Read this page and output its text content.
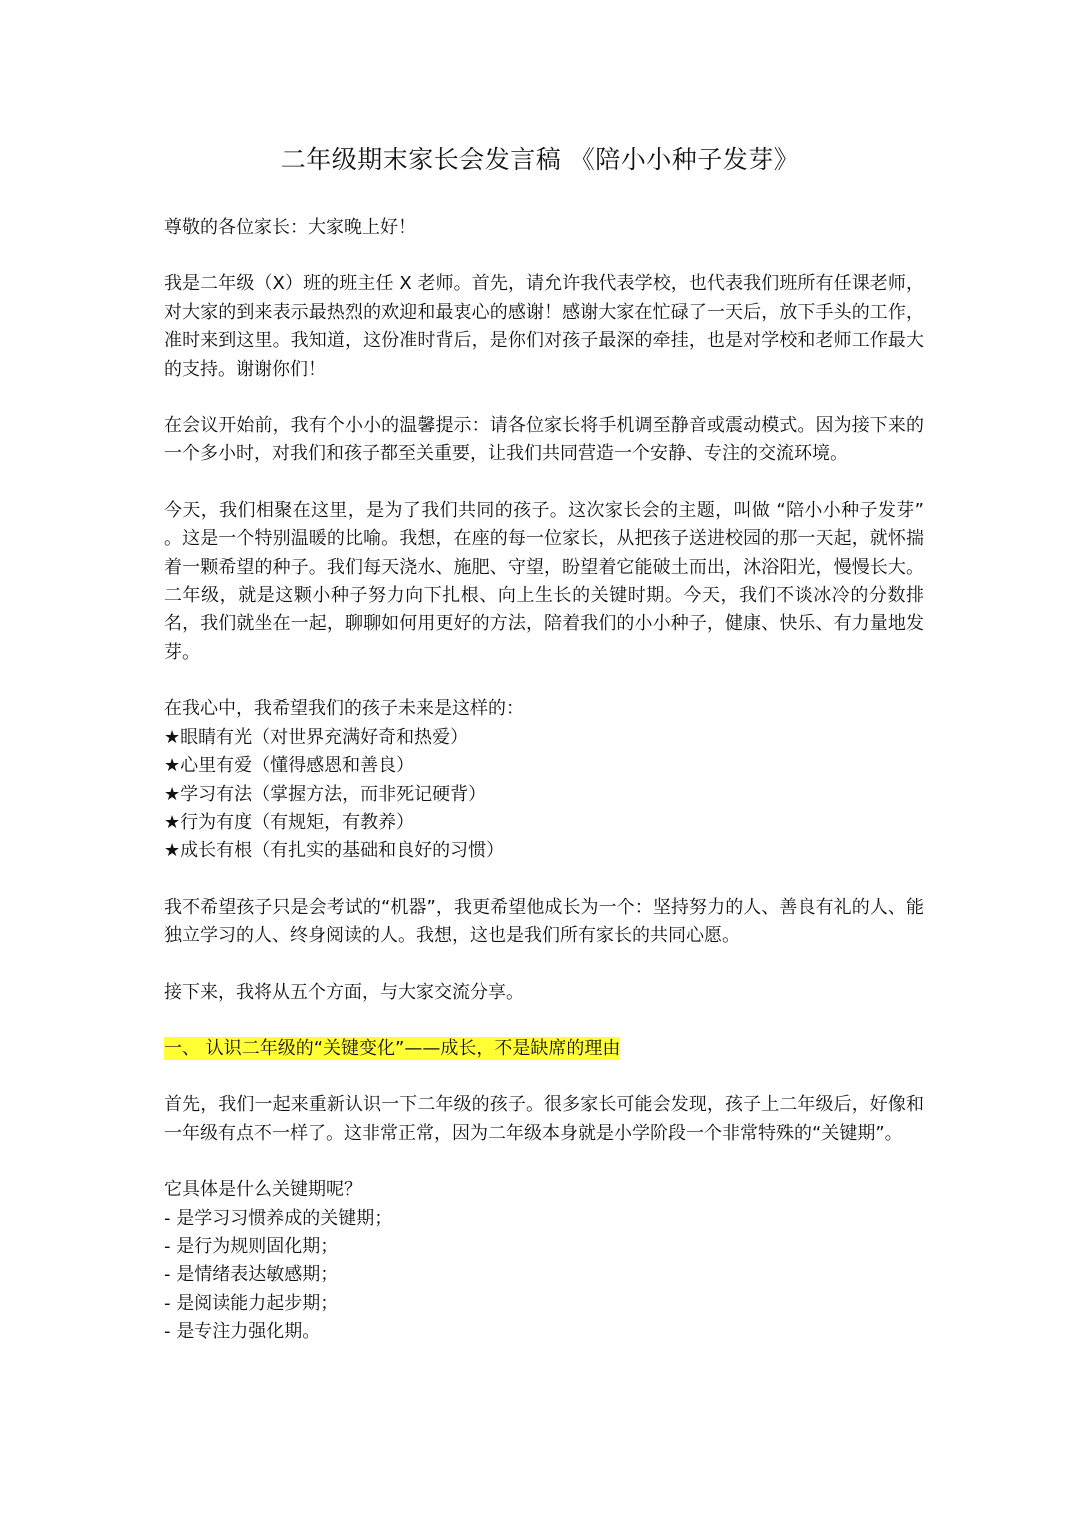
二年级期末家长会发言稿 《陪小小种子发芽》

尊敬的各位家长：大家晚上好！

我是二年级（X）班的班主任 X 老师。首先，请允许我代表学校，也代表我们班所有任课老师，对大家的到来表示最热烈的欢迎和最衷心的感谢！感谢大家在忙碌了一天后，放下手头的工作，准时来到这里。我知道，这份准时背后，是你们对孩子最深的牵挂，也是对学校和老师工作最大的支持。谢谢你们！

在会议开始前，我有个小小的温馨提示：请各位家长将手机调至静音或震动模式。因为接下来的一个多小时，对我们和孩子都至关重要，让我们共同营造一个安静、专注的交流环境。

今天，我们相聚在这里，是为了我们共同的孩子。这次家长会的主题，叫做 “陪小小种子发芽” 。这是一个特别温暖的比喻。我想，在座的每一位家长，从把孩子送进校园的那一天起，就怀揣着一颗希望的种子。我们每天浇水、施肥、守望，盼望着它能破土而出，沐浴阳光，慢慢长大。二年级，就是这颗小种子努力向下扎根、向上生长的关键时期。今天，我们不谈冰冷的分数排名，我们就坐在一起，聊聊如何用更好的方法，陪着我们的小小种子，健康、快乐、有力量地发芽。

在我心中，我希望我们的孩子未来是这样的：
★眼睛有光（对世界充满好奇和热爱）
★心里有爱（懂得感恩和善良）
★学习有法（掌握方法，而非死记硬背）
★行为有度（有规矩，有教养）
★成长有根（有扎实的基础和良好的习惯）

我不希望孩子只是会考试的“机器”，我更希望他成长为一个：坚持努力的人、善良有礼的人、能独立学习的人、终身阅读的人。我想，这也是我们所有家长的共同心愿。

接下来，我将从五个方面，与大家交流分享。

一、 认识二年级的“关键变化”——成长，不是缺席的理由

首先，我们一起来重新认识一下二年级的孩子。很多家长可能会发现，孩子上二年级后，好像和一年级有点不一样了。这非常正常，因为二年级本身就是小学阶段一个非常特殊的“关键期”。

它具体是什么关键期呢？
- 是学习习惯养成的关键期；
- 是行为规则固化期；
- 是情绪表达敏感期；
- 是阅读能力起步期；
- 是专注力强化期。
